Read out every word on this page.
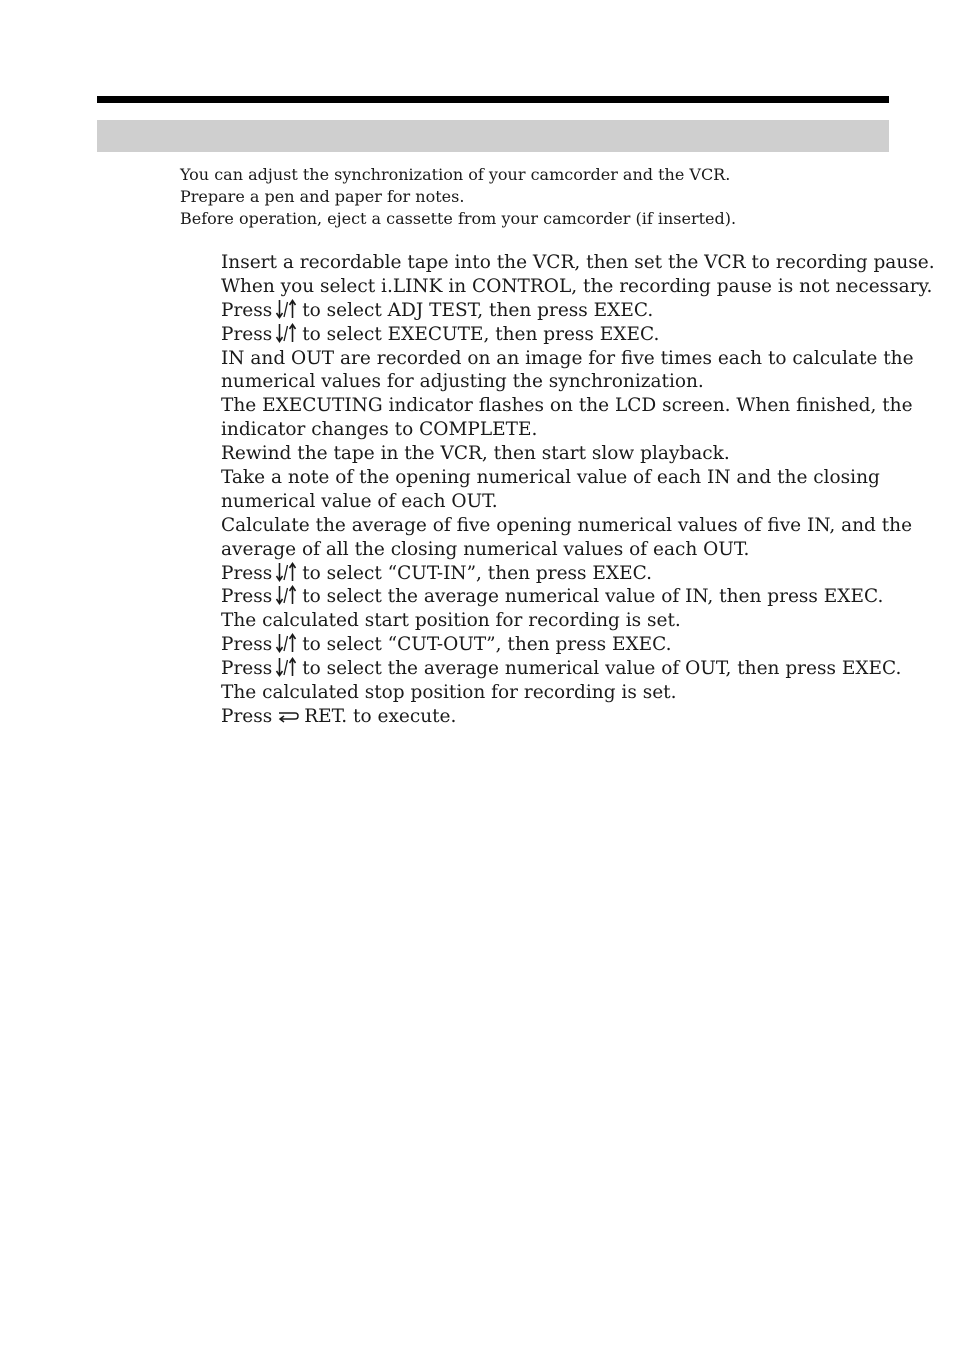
You can adjust the synchronization of your camcorder and the VCR.
Prepare a pen and paper for notes.
Before operation, eject a cassette from your camcorder (if inserted).
Insert a recordable tape into the VCR, then set the VCR to recording pause.
When you select i.LINK in CONTROL, the recording pause is not necessary.
Press to select ADJ TEST, then press EXEC.
Press to select EXECUTE, then press EXEC.
IN and OUT are recorded on an image for five times each to calculate the
numerical values for adjusting the synchronization.
The EXECUTING indicator flashes on the LCD screen. When finished, the
indicator changes to COMPLETE.
Rewind the tape in the VCR, then start slow playback.
Take a note of the opening numerical value of each IN and the closing
numerical value of each OUT.
Calculate the average of five opening numerical values of five IN, and the
average of all the closing numerical values of each OUT.
Press to select “CUT-IN”, then press EXEC.
Press to select the average numerical value of IN, then press EXEC.
The calculated start position for recording is set.
Press to select “CUT-OUT”, then press EXEC.
Press to select the average numerical value of OUT, then press EXEC.
The calculated stop position for recording is set.
Press RET. to execute.
